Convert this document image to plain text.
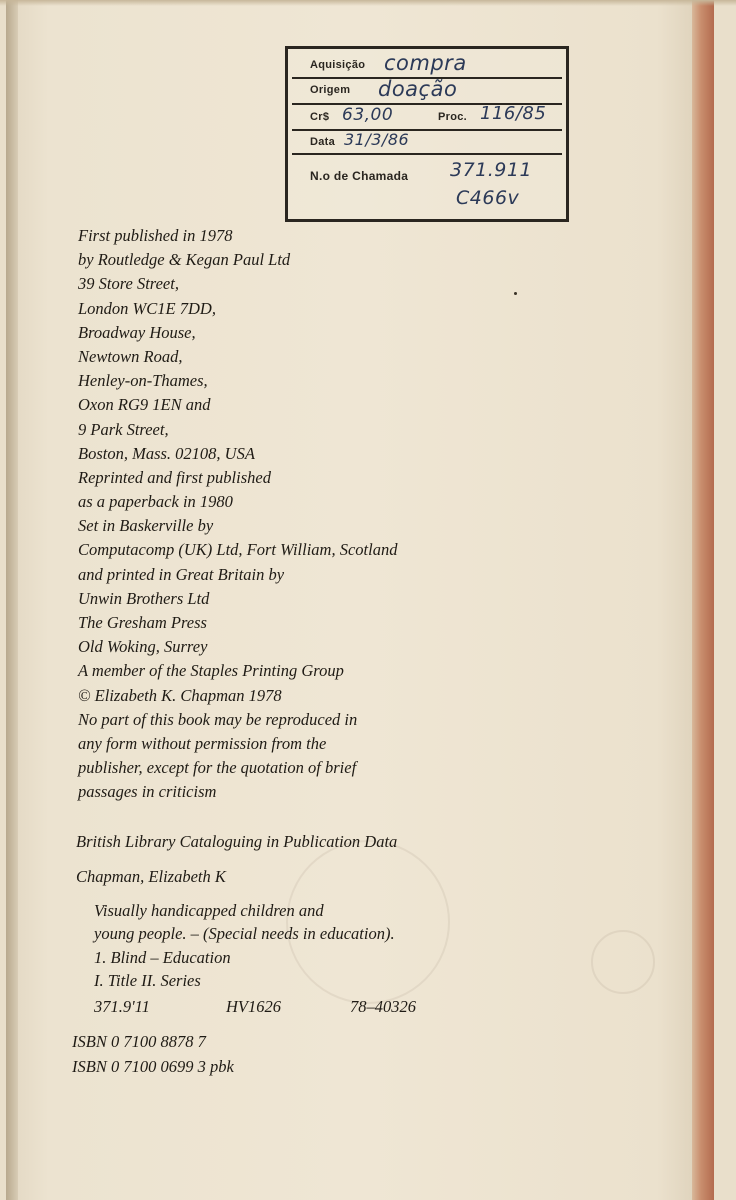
Aquisição compra
Origem doação
Cr$ 63,00	Proc. 116/85
Data 31/3/86
N.o de Chamada 371.911
C466v
First published in 1978
by Routledge & Kegan Paul Ltd
39 Store Street,
London WC1E 7DD,
Broadway House,
Newtown Road,
Henley-on-Thames,
Oxon RG9 1EN and
9 Park Street,
Boston, Mass. 02108, USA
Reprinted and first published
as a paperback in 1980
Set in Baskerville by
Computacomp (UK) Ltd, Fort William, Scotland
and printed in Great Britain by
Unwin Brothers Ltd
The Gresham Press
Old Woking, Surrey
A member of the Staples Printing Group
© Elizabeth K. Chapman 1978
No part of this book may be reproduced in
any form without permission from the
publisher, except for the quotation of brief
passages in criticism
British Library Cataloguing in Publication Data
Chapman, Elizabeth K
Visually handicapped children and
young people. – (Special needs in education).
1. Blind – Education
I. Title II. Series
371.9'11	HV1626	78–40326
ISBN 0 7100 8878 7
ISBN 0 7100 0699 3 pbk
